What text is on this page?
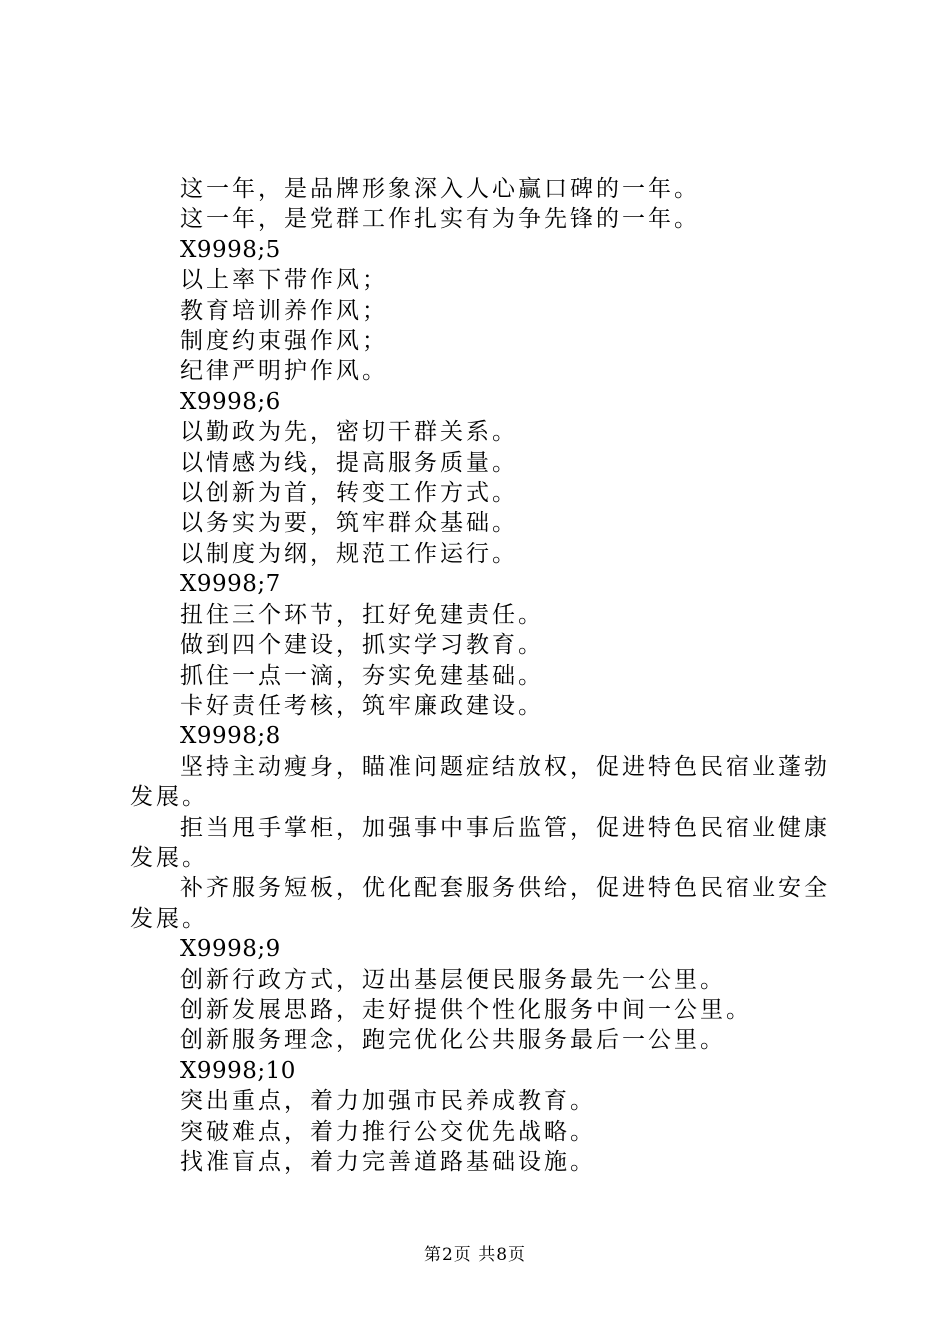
这一年，是品牌形象深入人心赢口碑的一年。

这一年，是党群工作扎实有为争先锋的一年。

X9998;5

以上率下带作风；

教育培训养作风；

制度约束强作风；

纪律严明护作风。

X9998;6

以勤政为先，密切干群关系。

以情感为线，提高服务质量。

以创新为首，转变工作方式。

以务实为要，筑牢群众基础。

以制度为纲，规范工作运行。

X9998;7

扭住三个环节，扛好免建责任。

做到四个建设，抓实学习教育。

抓住一点一滴，夯实免建基础。

卡好责任考核，筑牢廉政建设。

X9998;8

坚持主动瘦身，瞄准问题症结放权，促进特色民宿业蓬勃发展。

拒当甩手掌柜，加强事中事后监管，促进特色民宿业健康发展。

补齐服务短板，优化配套服务供给，促进特色民宿业安全发展。

X9998;9

创新行政方式，迈出基层便民服务最先一公里。

创新发展思路，走好提供个性化服务中间一公里。

创新服务理念，跑完优化公共服务最后一公里。

X9998;10

突出重点，着力加强市民养成教育。

突破难点，着力推行公交优先战略。

找准盲点，着力完善道路基础设施。

第2页 共8页
